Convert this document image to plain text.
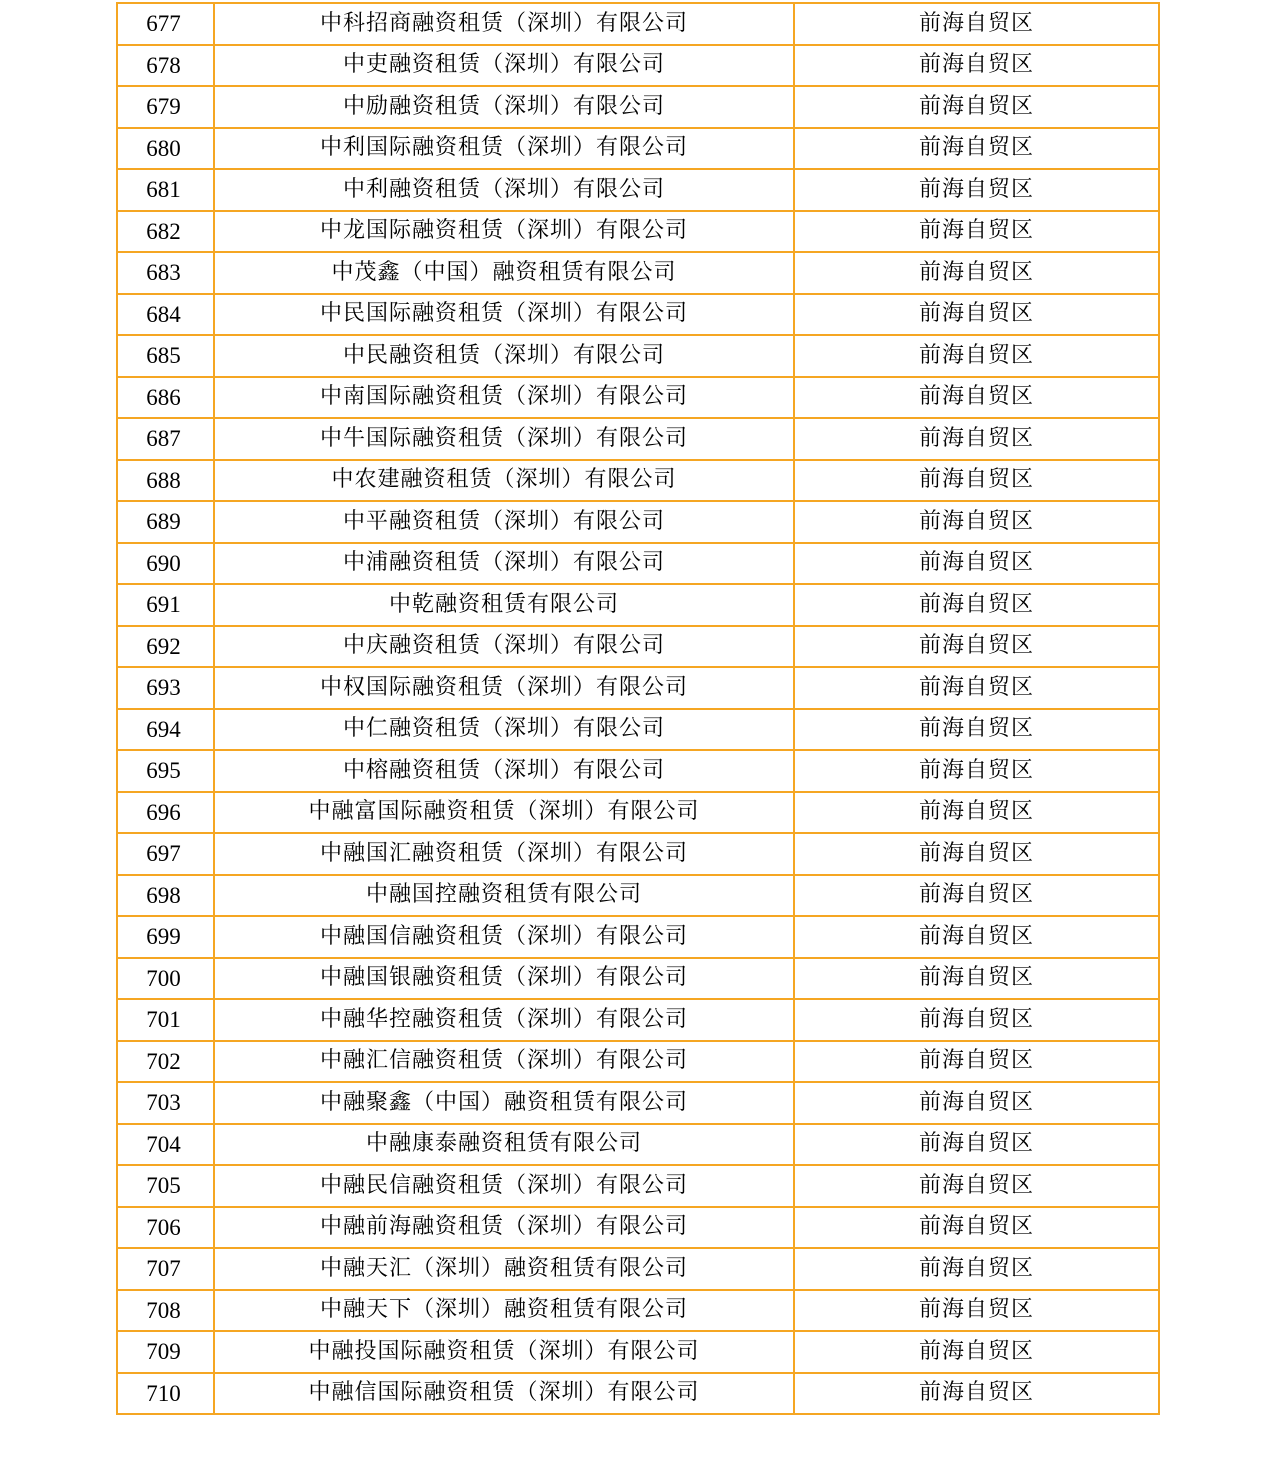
677	中科招商融资租赁（深圳）有限公司	前海自贸区
678	中吏融资租赁（深圳）有限公司	前海自贸区
679	中励融资租赁（深圳）有限公司	前海自贸区
680	中利国际融资租赁（深圳）有限公司	前海自贸区
681	中利融资租赁（深圳）有限公司	前海自贸区
682	中龙国际融资租赁（深圳）有限公司	前海自贸区
683	中茂鑫（中国）融资租赁有限公司	前海自贸区
684	中民国际融资租赁（深圳）有限公司	前海自贸区
685	中民融资租赁（深圳）有限公司	前海自贸区
686	中南国际融资租赁（深圳）有限公司	前海自贸区
687	中牛国际融资租赁（深圳）有限公司	前海自贸区
688	中农建融资租赁（深圳）有限公司	前海自贸区
689	中平融资租赁（深圳）有限公司	前海自贸区
690	中浦融资租赁（深圳）有限公司	前海自贸区
691	中乾融资租赁有限公司	前海自贸区
692	中庆融资租赁（深圳）有限公司	前海自贸区
693	中权国际融资租赁（深圳）有限公司	前海自贸区
694	中仁融资租赁（深圳）有限公司	前海自贸区
695	中榕融资租赁（深圳）有限公司	前海自贸区
696	中融富国际融资租赁（深圳）有限公司	前海自贸区
697	中融国汇融资租赁（深圳）有限公司	前海自贸区
698	中融国控融资租赁有限公司	前海自贸区
699	中融国信融资租赁（深圳）有限公司	前海自贸区
700	中融国银融资租赁（深圳）有限公司	前海自贸区
701	中融华控融资租赁（深圳）有限公司	前海自贸区
702	中融汇信融资租赁（深圳）有限公司	前海自贸区
703	中融聚鑫（中国）融资租赁有限公司	前海自贸区
704	中融康泰融资租赁有限公司	前海自贸区
705	中融民信融资租赁（深圳）有限公司	前海自贸区
706	中融前海融资租赁（深圳）有限公司	前海自贸区
707	中融天汇（深圳）融资租赁有限公司	前海自贸区
708	中融天下（深圳）融资租赁有限公司	前海自贸区
709	中融投国际融资租赁（深圳）有限公司	前海自贸区
710	中融信国际融资租赁（深圳）有限公司	前海自贸区
